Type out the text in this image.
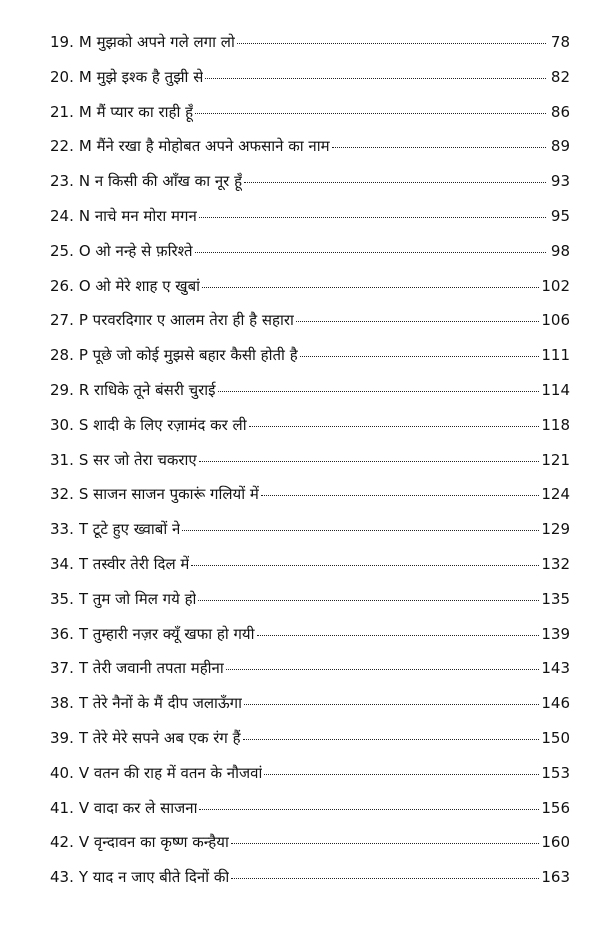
19. M मुझको अपने गले लगा लो	78
20. M मुझे इश्क है तुझी से	82
21. M मैं प्यार का राही हूँ	86
22. M मैंने रखा है मोहोबत अपने अफसाने का नाम	89
23. N न किसी की आँख का नूर हूँ	93
24. N नाचे मन मोरा मगन	95
25. O ओ नन्हे से फ़रिश्ते	98
26. O ओ मेरे शाह ए खुबां	102
27. P परवरदिगार ए आलम तेरा ही है सहारा	106
28. P पूछे जो कोई मुझसे बहार कैसी होती है	111
29. R राधिके तूने बंसरी चुराई	114
30. S शादी के लिए रज़ामंद कर ली	118
31. S सर जो तेरा चकराए	121
32. S साजन साजन पुकारूं गलियों में	124
33. T टूटे हुए ख्वाबों ने	129
34. T तस्वीर तेरी दिल में	132
35. T तुम जो मिल गये हो	135
36. T तुम्हारी नज़र क्यूँ खफा हो गयी	139
37. T तेरी जवानी तपता महीना	143
38. T तेरे नैनों के मैं दीप जलाऊँगा	146
39. T तेरे मेरे सपने अब एक रंग हैं	150
40. V वतन की राह में वतन के नौजवां	153
41. V वादा कर ले साजना	156
42. V वृन्दावन का कृष्ण कन्हैया	160
43. Y याद न जाए बीते दिनों की	163
